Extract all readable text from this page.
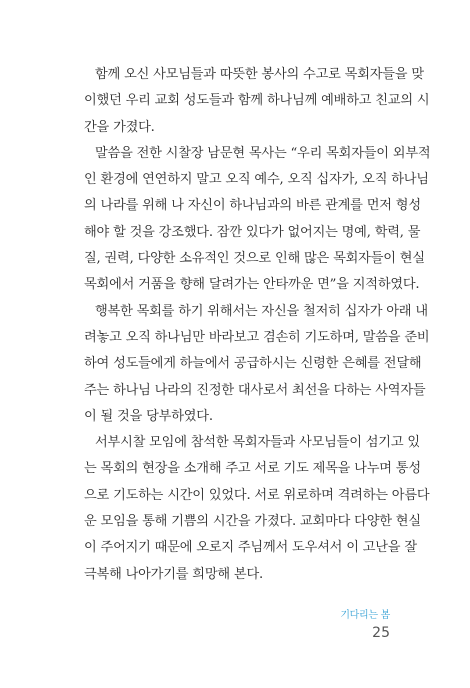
함께 오신 사모님들과 따뜻한 봉사의 수고로 목회자들을 맞
이했던 우리 교회 성도들과 함께 하나님께 예배하고 친교의 시
간을 가졌다.
말씀을 전한 시찰장 남문현 목사는 “우리 목회자들이 외부적
인 환경에 연연하지 말고 오직 예수, 오직 십자가, 오직 하나님
의 나라를 위해 나 자신이 하나님과의 바른 관계를 먼저 형성
해야 할 것을 강조했다. 잠깐 있다가 없어지는 명예, 학력, 물
질, 권력, 다양한 소유적인 것으로 인해 많은 목회자들이 현실
목회에서 거품을 향해 달려가는 안타까운 면”을 지적하였다.
행복한 목회를 하기 위해서는 자신을 철저히 십자가 아래 내
려놓고 오직 하나님만 바라보고 겸손히 기도하며, 말씀을 준비
하여 성도들에게 하늘에서 공급하시는 신령한 은혜를 전달해
주는 하나님 나라의 진정한 대사로서 최선을 다하는 사역자들
이 될 것을 당부하였다.
서부시찰 모임에 참석한 목회자들과 사모님들이 섬기고 있
는 목회의 현장을 소개해 주고 서로 기도 제목을 나누며 통성
으로 기도하는 시간이 있었다. 서로 위로하며 격려하는 아름다
운 모임을 통해 기쁨의 시간을 가졌다. 교회마다 다양한 현실
이 주어지기 때문에 오로지 주님께서 도우셔서 이 고난을 잘
극복해 나아가기를 희망해 본다.
기다리는 봄
25
